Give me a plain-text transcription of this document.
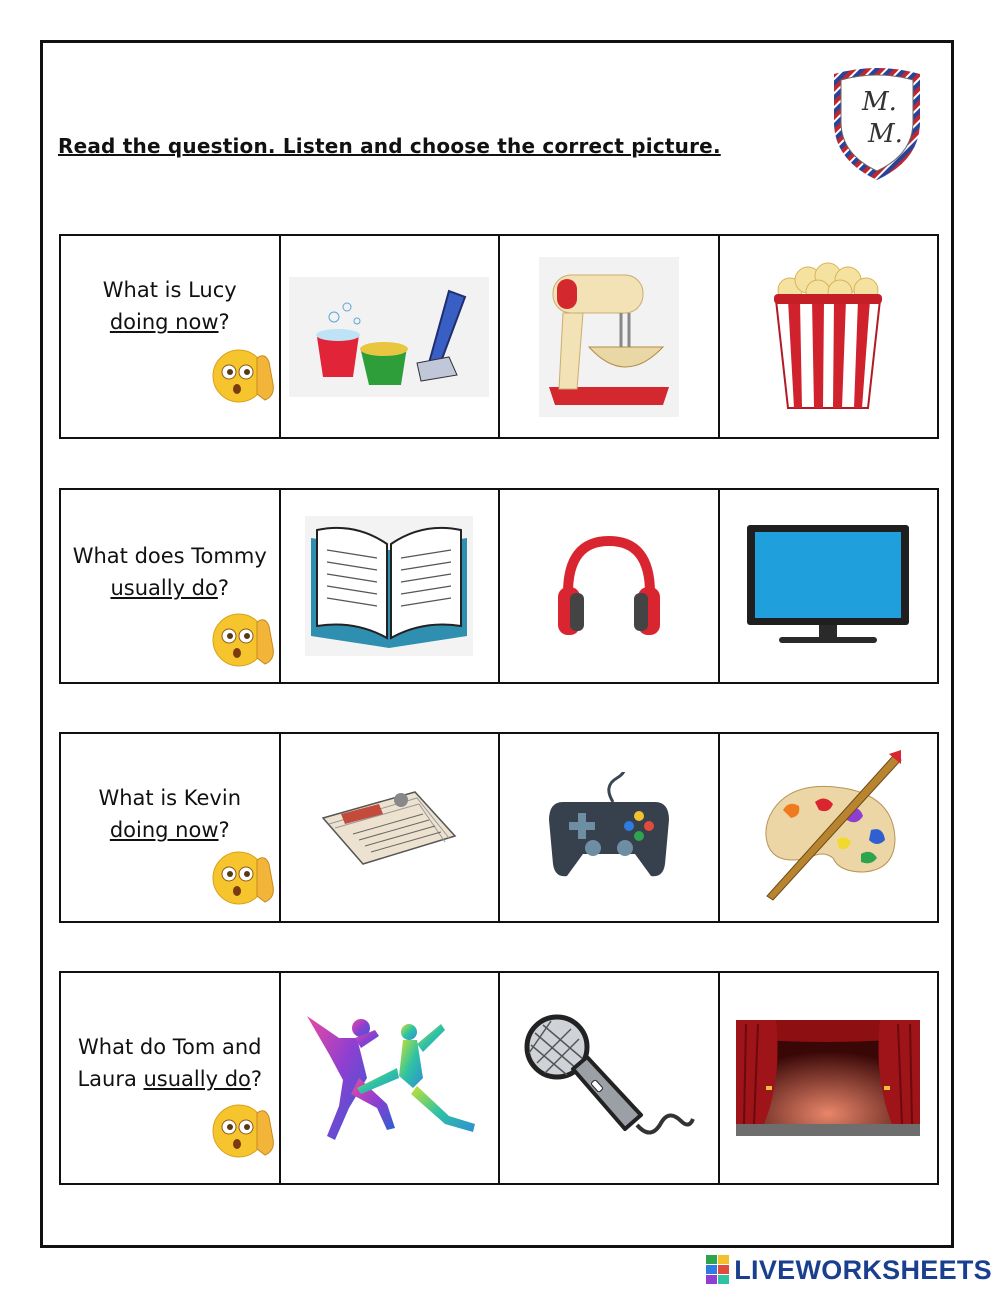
Read the question. Listen and choose the correct picture.
M.
M.
What is Lucy
doing now?
What does Tommy
usually do?
What is Kevin
doing now?
What do Tom and
Laura usually do?
LIVEWORKSHEETS
